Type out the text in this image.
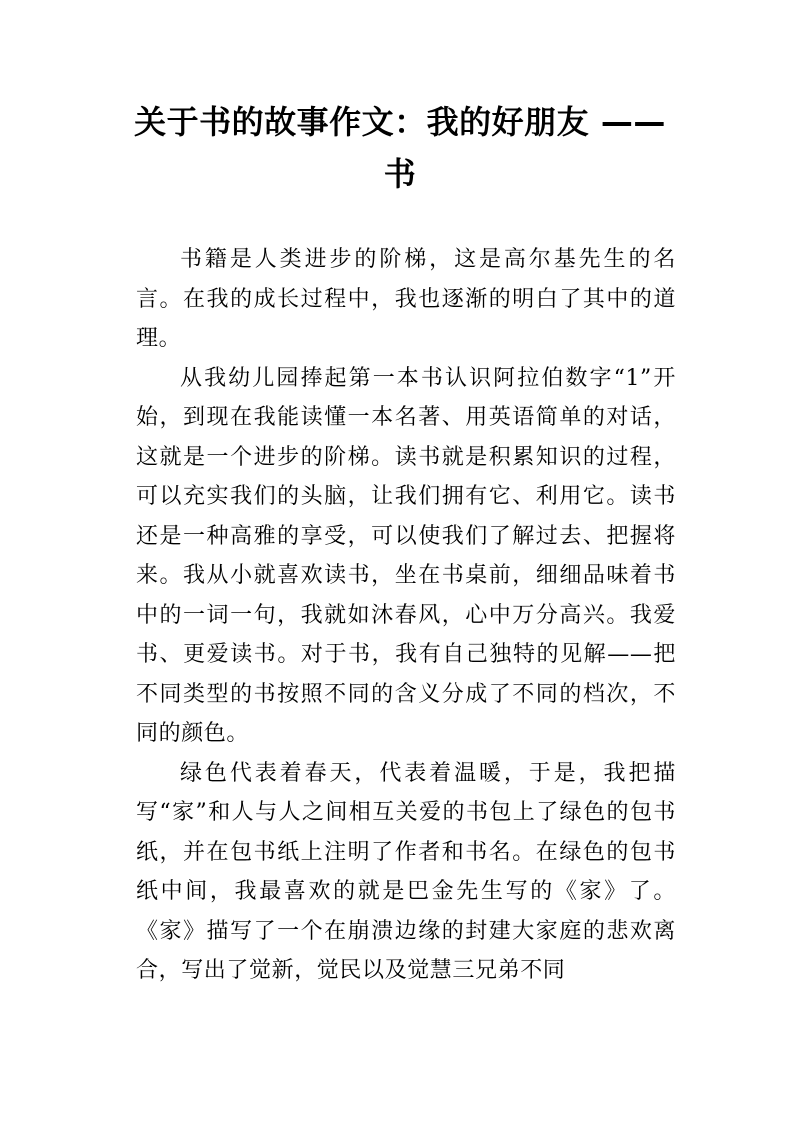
关于书的故事作文：我的好朋友 ——书

书籍是人类进步的阶梯，这是高尔基先生的名言。在我的成长过程中，我也逐渐的明白了其中的道理。

从我幼儿园捧起第一本书认识阿拉伯数字“1”开始，到现在我能读懂一本名著、用英语简单的对话，这就是一个进步的阶梯。读书就是积累知识的过程，可以充实我们的头脑，让我们拥有它、利用它。读书还是一种高雅的享受，可以使我们了解过去、把握将来。我从小就喜欢读书，坐在书桌前，细细品味着书中的一词一句，我就如沐春风，心中万分高兴。我爱书、更爱读书。对于书，我有自己独特的见解——把不同类型的书按照不同的含义分成了不同的档次，不同的颜色。

绿色代表着春天，代表着温暖，于是，我把描写“家”和人与人之间相互关爱的书包上了绿色的包书纸，并在包书纸上注明了作者和书名。在绿色的包书纸中间，我最喜欢的就是巴金先生写的《家》了。《家》描写了一个在崩溃边缘的封建大家庭的悲欢离合，写出了觉新，觉民以及觉慧三兄弟不同
